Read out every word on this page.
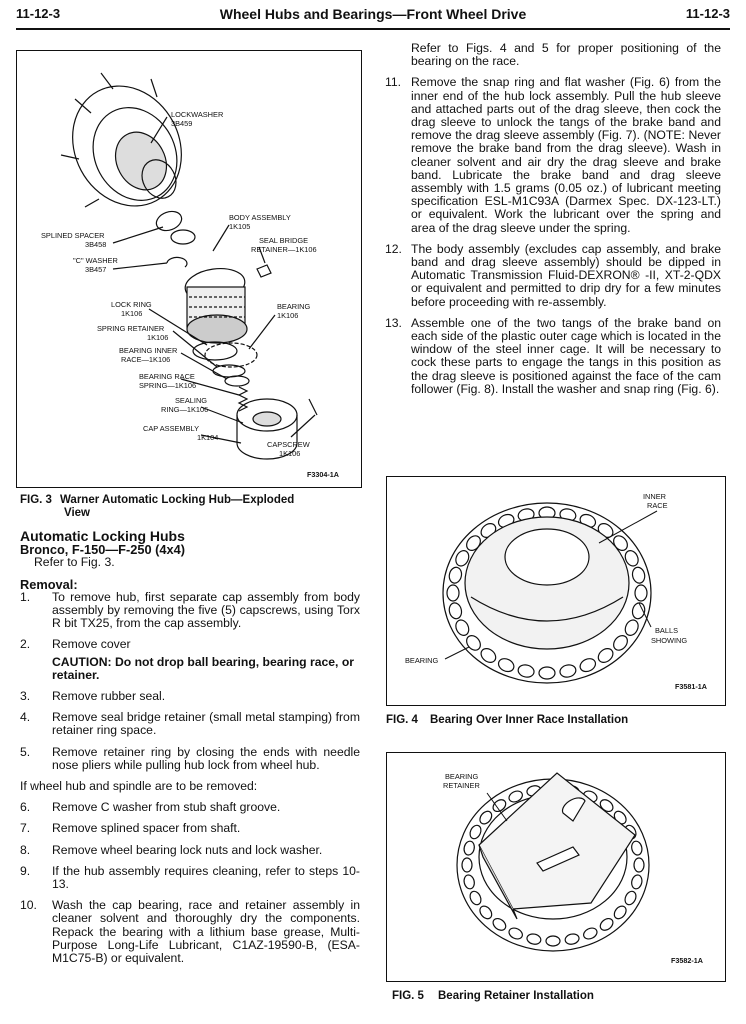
11-12-3	Wheel Hubs and Bearings—Front Wheel Drive	11-12-3
LOCKWASHER
3B459
BODY ASSEMBLY
1K105
SPLINED SPACER
3B458	SEAL BRIDGE
RETAINER—1K106
"C" WASHER
3B457
LOCK RING
1K106
BEARING
1K106
SPRING RETAINER
1K106
BEARING INNER
RACE—1K106
BEARING RACE
SPRING—1K106
SEALING
RING—1K106
CAP ASSEMBLY
1K104
CAPSCREW
1K106
F3304-1A
FIG. 3 Warner Automatic Locking Hub—Exploded
View

Automatic Locking Hubs

Bronco, F-150—F-250 (4x4)

Refer to Fig. 3.

Removal:

1.	To remove hub, first separate cap assembly from body assembly by removing the five (5) capscrews, using Torx R bit TX25, from the cap assembly.
2.	Remove cover

CAUTION: Do not drop ball bearing, bearing race, or retainer.

3.	Remove rubber seal.
4.	Remove seal bridge retainer (small metal stamping) from retainer ring space.
5.	Remove retainer ring by closing the ends with needle nose pliers while pulling hub lock from wheel hub.

If wheel hub and spindle are to be removed:

6.	Remove C washer from stub shaft groove.
7.	Remove splined spacer from shaft.
8.	Remove wheel bearing lock nuts and lock washer.
9.	If the hub assembly requires cleaning, refer to steps 10-13.
10.	Wash the cap bearing, race and retainer assembly in cleaner solvent and thoroughly dry the components. Repack the bearing with a lithium base grease, Multi-Purpose Long-Life Lubricant, C1AZ-19590-B, (ESA-M1C75-B) or equivalent.

Refer to Figs. 4 and 5 for proper positioning of the bearing on the race.

11. Remove the snap ring and flat washer (Fig. 6) from the inner end of the hub lock assembly. Pull the hub sleeve and attached parts out of the drag sleeve, then cock the drag sleeve to unlock the tangs of the brake band and remove the drag sleeve assembly (Fig. 7). (NOTE: Never remove the brake band from the drag sleeve). Wash in cleaner solvent and air dry the drag sleeve and brake band. Lubricate the brake band and drag sleeve assembly with 1.5 grams (0.05 oz.) of lubricant meeting specification ESL-M1C93A (Darmex Spec. DX-123-LT.) or equivalent. Work the lubricant over the spring and area of the drag sleeve under the spring.
12. The body assembly (excludes cap assembly, and brake band and drag sleeve assembly) should be dipped in Automatic Transmission Fluid-DEXRON® -II, XT-2-QDX or equivalent and permitted to drip dry for a few minutes before proceeding with re-assembly.
13. Assemble one of the two tangs of the brake band on each side of the plastic outer cage which is located in the window of the steel inner cage. It will be necessary to cock these parts to engage the tangs in this position as the drag sleeve is positioned against the face of the cam follower (Fig. 8). Install the washer and snap ring (Fig. 6).
INNER
RACE
BALLS
SHOWING
BEARING
F3581-1A
FIG. 4 Bearing Over Inner Race Installation
BEARING
RETAINER
F3582-1A
FIG. 5 Bearing Retainer Installation
